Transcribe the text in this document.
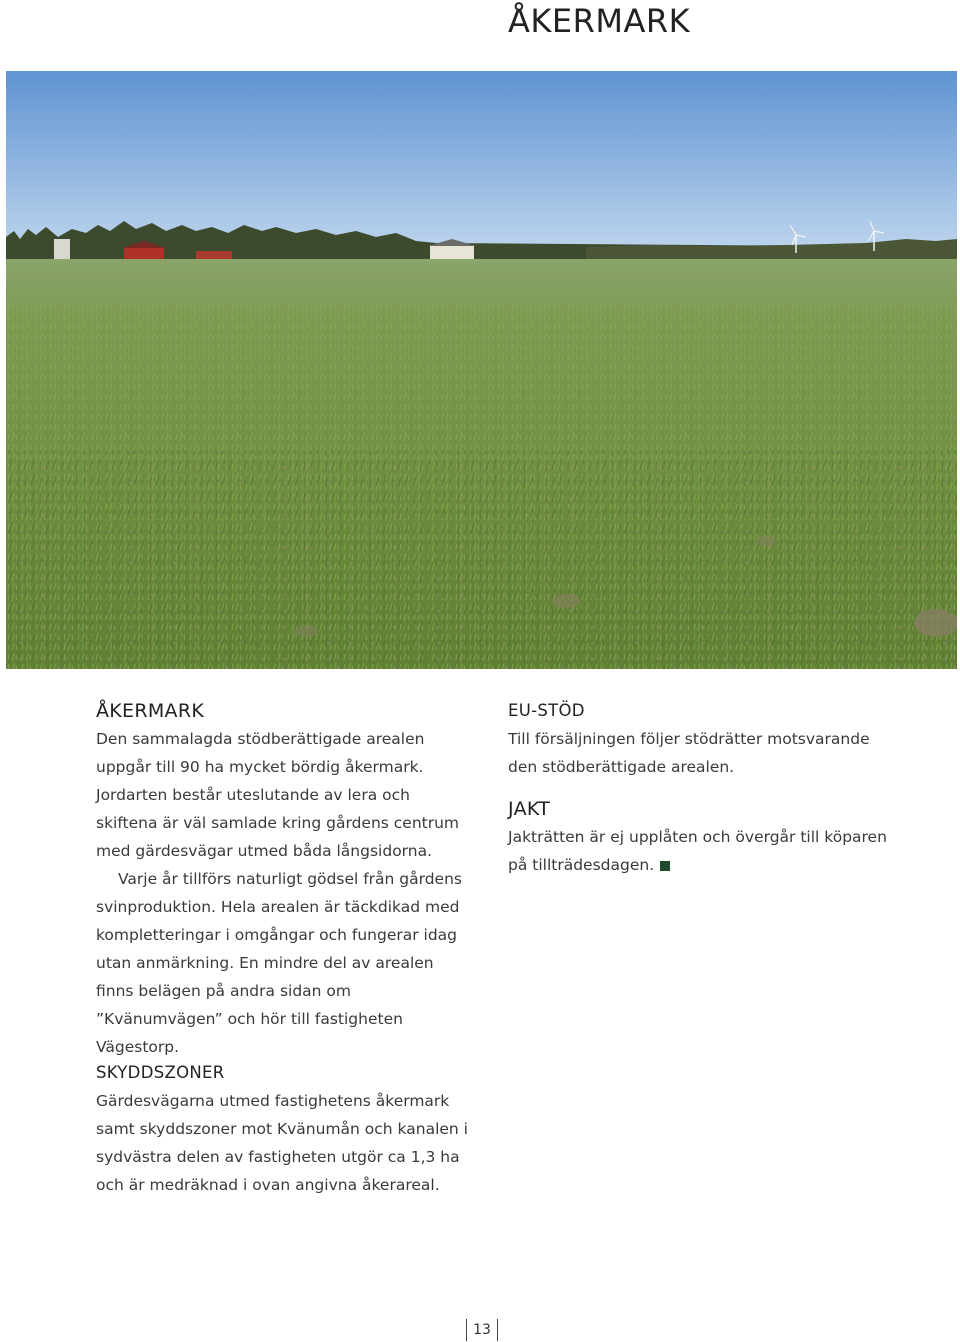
ÅKERMARK
ÅKERMARK
Den sammalagda stödberättigade arealen uppgår till 90 ha mycket bördig åkermark. Jordarten består uteslutande av lera och skiftena är väl samlade kring gårdens centrum med gärdesvägar utmed båda långsidorna.
Varje år tillförs naturligt gödsel från gårdens svinproduktion. Hela arealen är täckdikad med kompletteringar i omgångar och fungerar idag utan anmärkning. En mindre del av arealen finns belägen på andra sidan om ”Kvänumvägen” och hör till fastigheten Vägestorp.
EU-STÖD
Till försäljningen följer stödrätter motsvarande den stödberättigade arealen.
JAKT
Jakträtten är ej upplåten och övergår till köparen på tillträdesdagen.
SKYDDSZONER
Gärdesvägarna utmed fastighetens åkermark samt skyddszoner mot Kvänumån och kanalen i sydvästra delen av fastigheten utgör ca 1,3 ha och är medräknad i ovan angivna åkerareal.
13
